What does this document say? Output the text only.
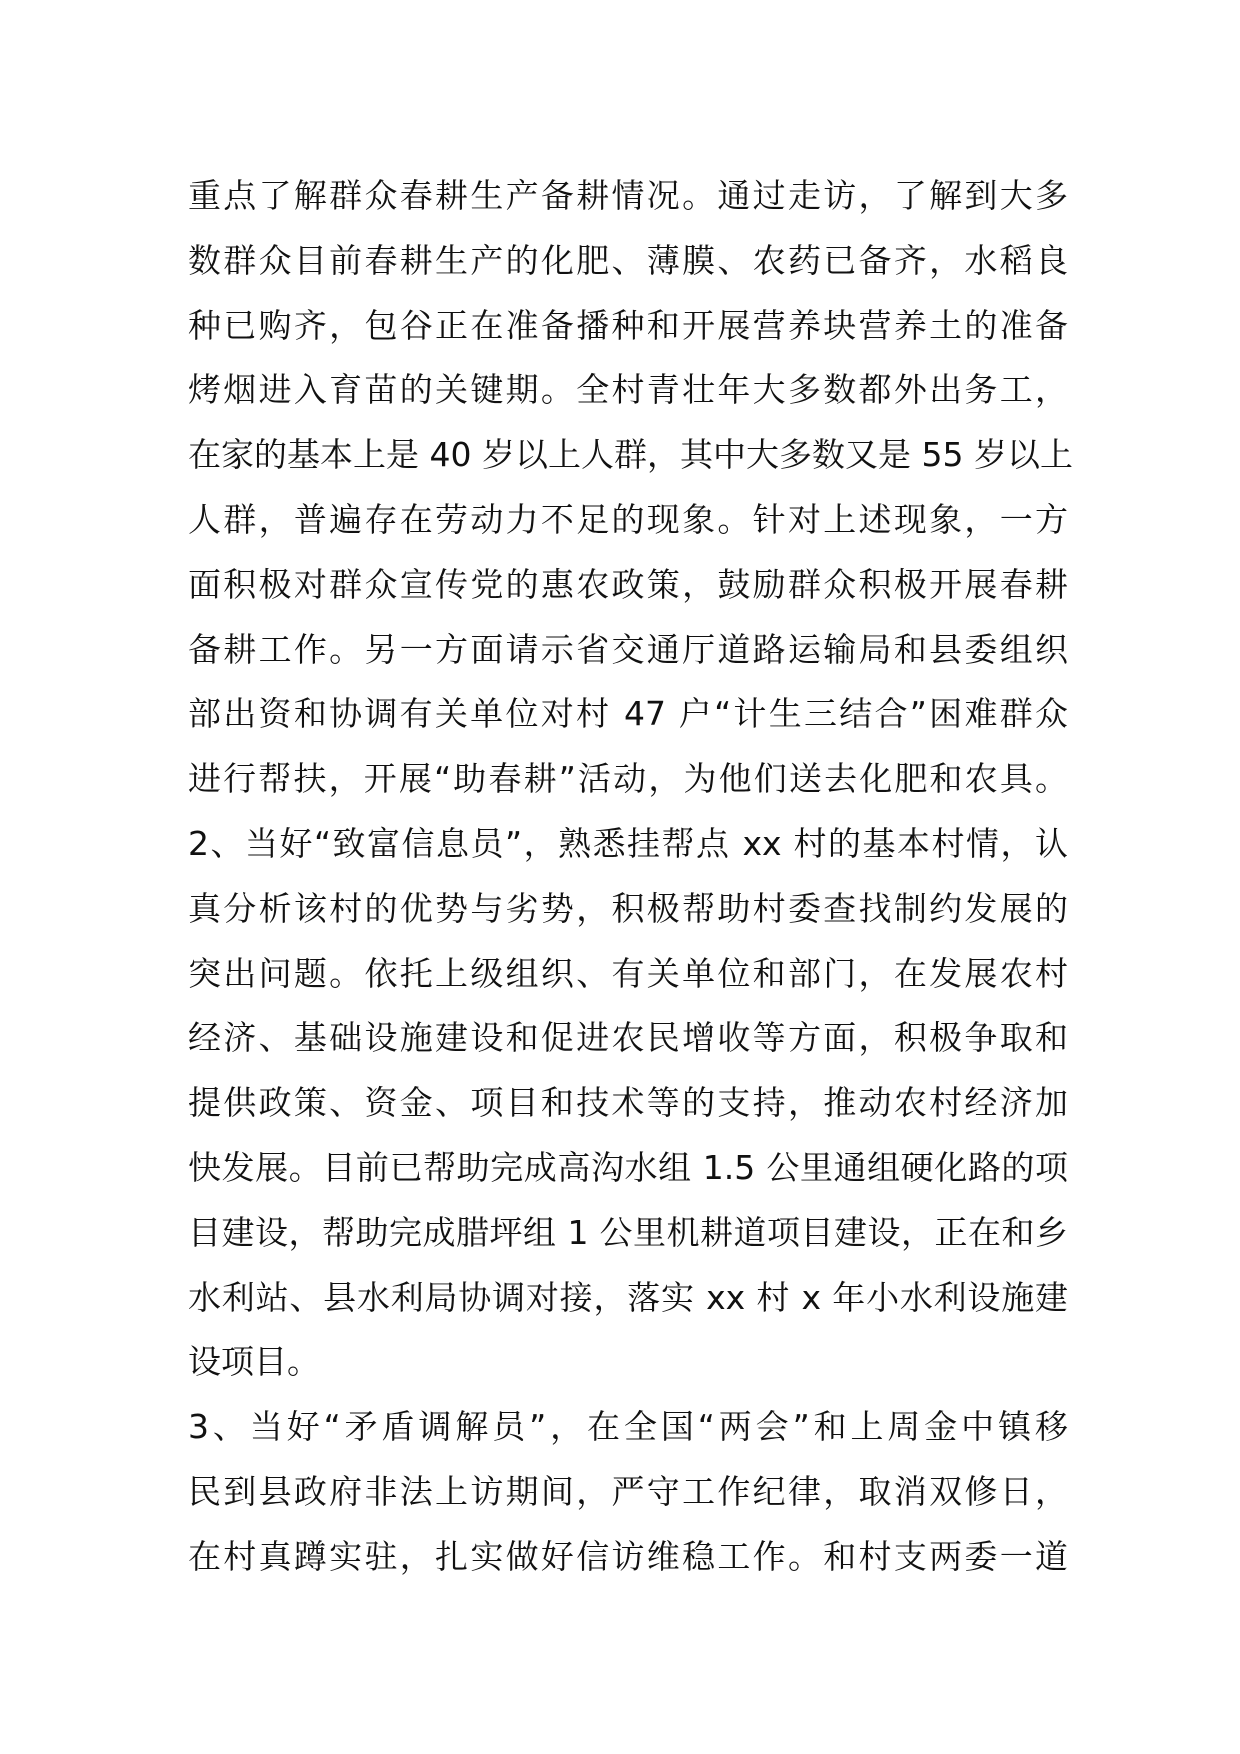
重点了解群众春耕生产备耕情况。通过走访，了解到大多
数群众目前春耕生产的化肥、薄膜、农药已备齐，水稻良
种已购齐，包谷正在准备播种和开展营养块营养土的准备
烤烟进入育苗的关键期。全村青壮年大多数都外出务工，
在家的基本上是 40 岁以上人群，其中大多数又是 55 岁以上
人群，普遍存在劳动力不足的现象。针对上述现象，一方
面积极对群众宣传党的惠农政策，鼓励群众积极开展春耕
备耕工作。另一方面请示省交通厅道路运输局和县委组织
部出资和协调有关单位对村 47 户“计生三结合”困难群众
进行帮扶，开展“助春耕”活动，为他们送去化肥和农具。
2、当好“致富信息员”，熟悉挂帮点 xx 村的基本村情，认
真分析该村的优势与劣势，积极帮助村委查找制约发展的
突出问题。依托上级组织、有关单位和部门，在发展农村
经济、基础设施建设和促进农民增收等方面，积极争取和
提供政策、资金、项目和技术等的支持，推动农村经济加
快发展。目前已帮助完成高沟水组 1.5 公里通组硬化路的项
目建设，帮助完成腊坪组 1 公里机耕道项目建设，正在和乡
水利站、县水利局协调对接，落实 xx 村 x 年小水利设施建
设项目。
3、当好“矛盾调解员”，在全国“两会”和上周金中镇移
民到县政府非法上访期间，严守工作纪律，取消双修日，
在村真蹲实驻，扎实做好信访维稳工作。和村支两委一道
